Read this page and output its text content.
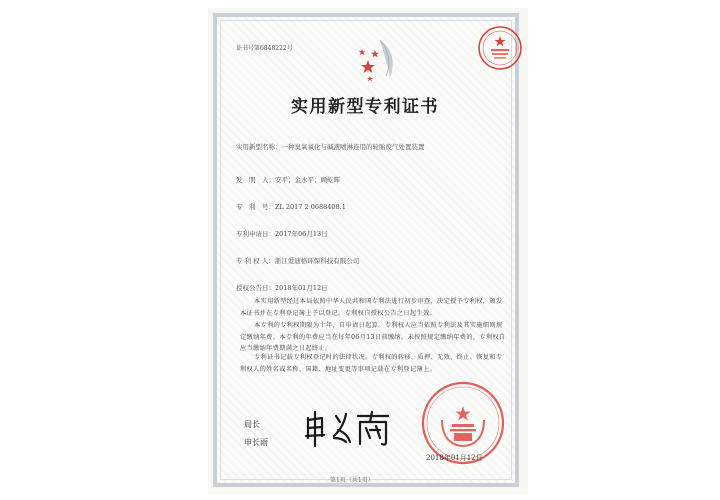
证书号第6848222号
实用新型专利证书
实用新型名称：一种臭氧氧化与碱液喷淋连用的轮胎废气处置装置
发　明　人：安平；金永平；顾屹晖
专　利　号：ZL 2017 2 0688408.1
专利申请日：2017年06月13日
专 利 权 人：浙江爱迪格环保科技有限公司
授权公告日：2018年01月12日
本实用新型经过本局依照中华人民共和国专利法进行初步审查，决定授予专利权，颁发本证书并在专利登记簿上予以登记。专利权自授权公告之日起生效。
本专利的专利权期限为十年，自申请日起算。专利权人应当依照专利法及其实施细则规定缴纳年费。本专利的年费应当在每年06月13日前缴纳。未按照规定缴纳年费的，专利权自应当缴纳年费期满之日起终止。
专利证书记载专利权登记时的法律状况。专利权的转移、质押、无效、终止、恢复和专利权人的姓名或名称、国籍、地址变更等事项记载在专利登记簿上。
局长
申长雨
2018年01月12日
第1页（共1页）
